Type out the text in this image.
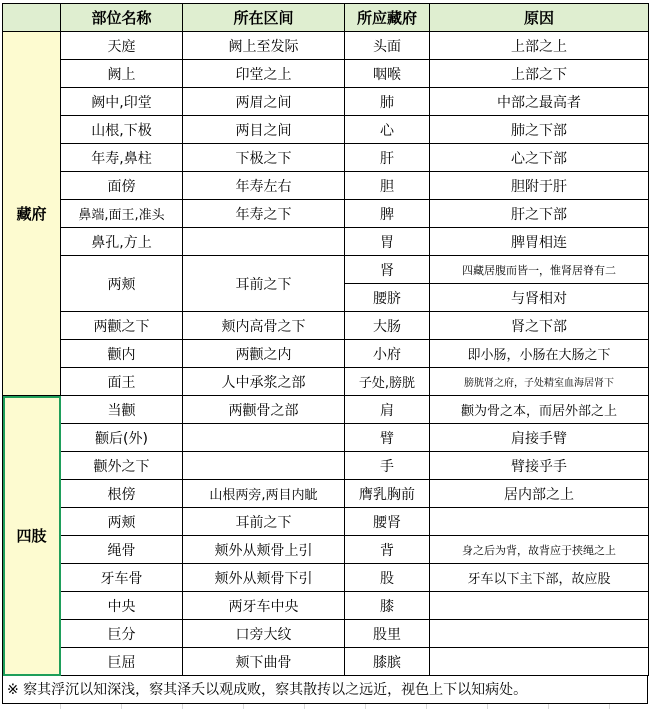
	部位名称	所在区间	所应藏府	原因
藏府	天庭	阙上至发际	头面	上部之上
	阙上	印堂之上	咽喉	上部之下
	阙中,印堂	两眉之间	肺	中部之最高者
	山根,下极	两目之间	心	肺之下部
	年寿,鼻柱	下极之下	肝	心之下部
	面傍	年寿左右	胆	胆附于肝
	鼻端,面王,准头	年寿之下	脾	肝之下部
	鼻孔,方上		胃	脾胃相连
	两颊	耳前之下	肾	四藏居腹而皆一，惟肾居脊有二
			腰脐	与肾相对
	两颧之下	颊内高骨之下	大肠	肾之下部
	颧内	两颧之内	小府	即小肠，小肠在大肠之下
	面王	人中承浆之部	子处,膀胱	膀胱肾之府，子处精室血海居肾下
四肢	当颧	两颧骨之部	肩	颧为骨之本，而居外部之上
	颧后(外)		臂	肩接手臂
	颧外之下		手	臂接乎手
	根傍	山根两旁,两目内眦	膺乳胸前	居内部之上
	两颊	耳前之下	腰肾	
	绳骨	颊外从颊骨上引	背	身之后为背，故背应于挟绳之上
	牙车骨	颊外从颊骨下引	股	牙车以下主下部，故应股
	中央	两牙车中央	膝	
	巨分	口旁大纹	股里	
	巨屈	颊下曲骨	膝膑	
※ 察其浮沉以知深浅，察其泽夭以观成败，察其散抟以之远近，视色上下以知病处。
